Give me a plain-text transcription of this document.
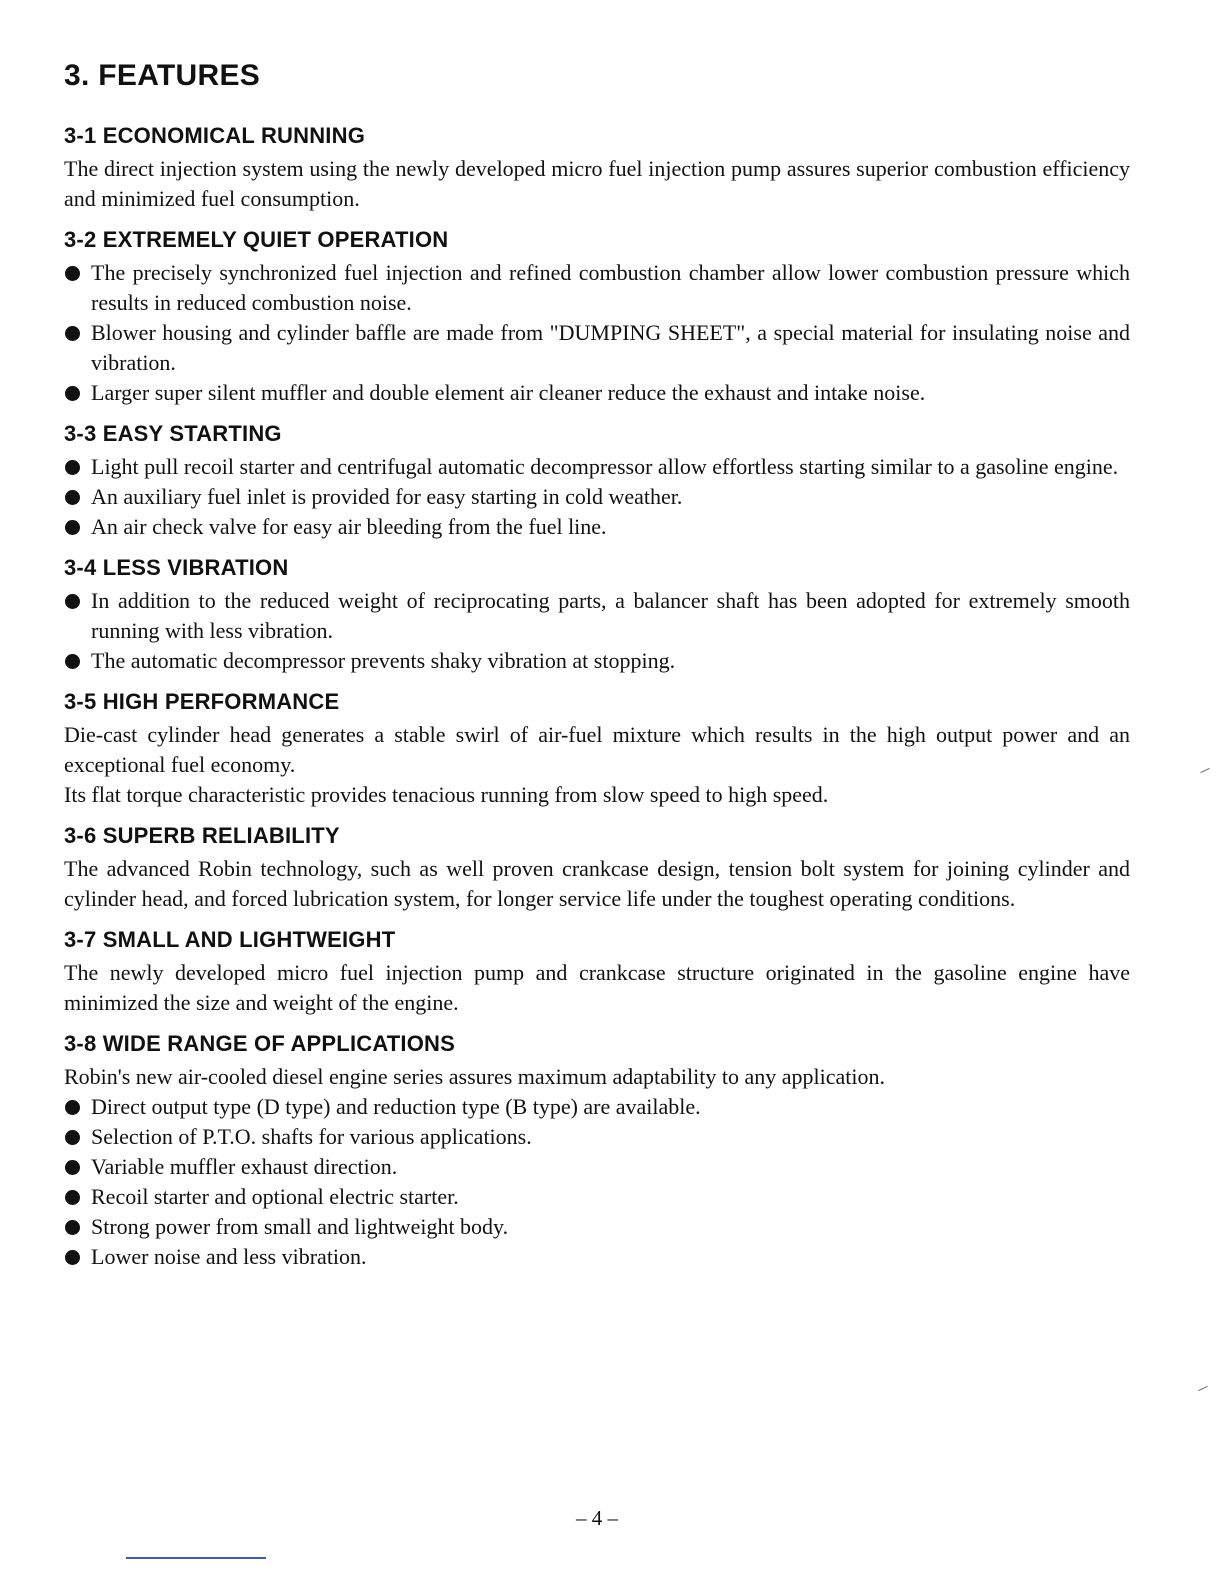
3. FEATURES
3-1 ECONOMICAL RUNNING

The direct injection system using the newly developed micro fuel injection pump assures superior combustion efficiency and minimized fuel consumption.

3-2 EXTREMELY QUIET OPERATION
The precisely synchronized fuel injection and refined combustion chamber allow lower combustion pressure which results in reduced combustion noise.
Blower housing and cylinder baffle are made from "DUMPING SHEET", a special material for insulating noise and vibration.
Larger super silent muffler and double element air cleaner reduce the exhaust and intake noise.
3-3 EASY STARTING
Light pull recoil starter and centrifugal automatic decompressor allow effortless starting similar to a gasoline engine.
An auxiliary fuel inlet is provided for easy starting in cold weather.
An air check valve for easy air bleeding from the fuel line.
3-4 LESS VIBRATION
In addition to the reduced weight of reciprocating parts, a balancer shaft has been adopted for extremely smooth running with less vibration.
The automatic decompressor prevents shaky vibration at stopping.
3-5 HIGH PERFORMANCE

Die-cast cylinder head generates a stable swirl of air-fuel mixture which results in the high output power and an exceptional fuel economy.

Its flat torque characteristic provides tenacious running from slow speed to high speed.

3-6 SUPERB RELIABILITY

The advanced Robin technology, such as well proven crankcase design, tension bolt system for joining cylinder and cylinder head, and forced lubrication system, for longer service life under the toughest operating conditions.

3-7 SMALL AND LIGHTWEIGHT

The newly developed micro fuel injection pump and crankcase structure originated in the gasoline engine have minimized the size and weight of the engine.

3-8 WIDE RANGE OF APPLICATIONS

Robin's new air-cooled diesel engine series assures maximum adaptability to any application.

Direct output type (D type) and reduction type (B type) are available.
Selection of P.T.O. shafts for various applications.
Variable muffler exhaust direction.
Recoil starter and optional electric starter.
Strong power from small and lightweight body.
Lower noise and less vibration.
– 4 –
